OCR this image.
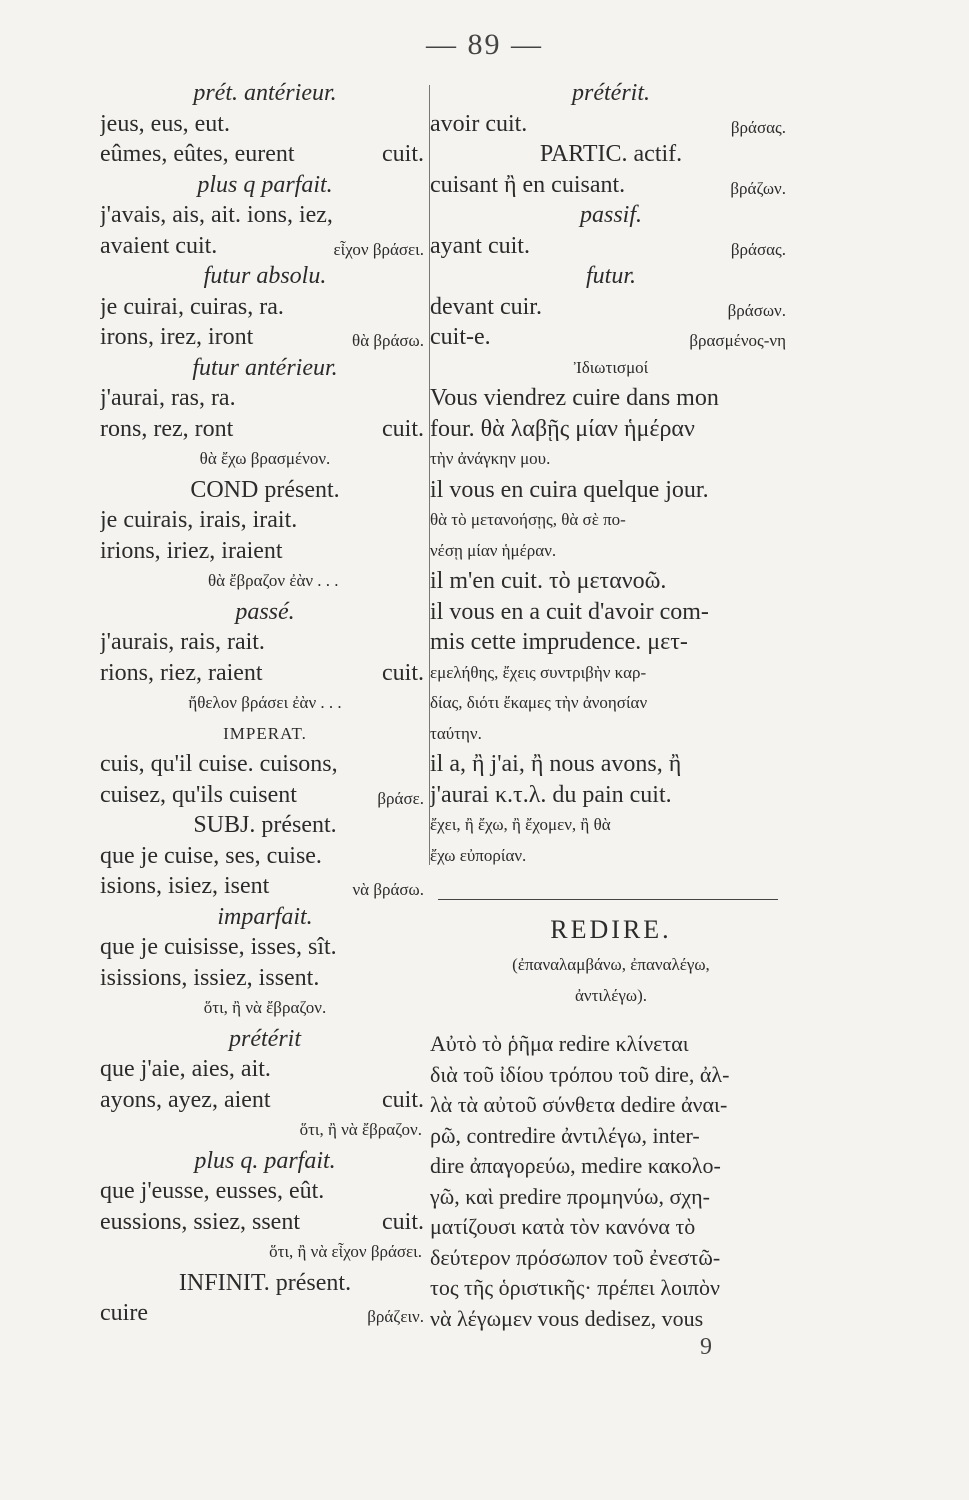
— 89 —
prét. antérieur.
jeus, eus, eut.
eûmes, eûtes, eurent	cuit.
plus q parfait.
j'avais, ais, ait. ions, iez,
avaient cuit.	εἶχον βράσει.
futur absolu.
je cuirai, cuiras, ra.
irons, irez, iront	θὰ βράσω.
futur antérieur.
j'aurai, ras, ra.
rons, rez, ront	cuit.
θὰ ἔχω βρασμένον.
COND présent.
je cuirais, irais, irait.
irions, iriez, iraient
θὰ ἔβραζον ἐὰν . . .
passé.
j'aurais, rais, rait.
rions, riez, raient	cuit.
ἤθελον βράσει ἐὰν . . .
IMPERAT.
cuis, qu'il cuise. cuisons,
cuisez, qu'ils cuisent	βράσε.
SUBJ. présent.
que je cuise, ses, cuise.
isions, isiez, isent	νὰ βράσω.
imparfait.
que je cuisisse, isses, sît.
isissions, issiez, issent.
ὅτι, ἢ νὰ ἔβραζον.
prétérit
que j'aie, aies, ait.
ayons, ayez, aient	cuit.
ὅτι, ἢ νὰ ἔβραζον.
plus q. parfait.
que j'eusse, eusses, eût.
eussions, ssiez, ssent	cuit.
ὅτι, ἢ νὰ εἶχον βράσει.
INFINIT. présent.
cuire	βράζειν.
prétérit.
avoir cuit.	βράσας.
PARTIC. actif.
cuisant ἢ en cuisant.	βράζων.
passif.
ayant cuit.	βράσας.
futur.
devant cuir.	βράσων.
cuit-e.	βρασμένος-νη
Ἰδιωτισμοί
Vous viendrez cuire dans mon
four. θὰ λαβῇς μίαν ἡμέραν
τὴν ἀνάγκην μου.
il vous en cuira quelque jour.
θὰ τὸ μετανοήσῃς, θὰ σὲ πο-
νέσῃ μίαν ἡμέραν.
il m'en cuit. τὸ μετανοῶ.
il vous en a cuit d'avoir com-
mis cette imprudence. μετ-
εμελήθης, ἔχεις συντριβὴν καρ-
δίας, διότι ἔκαμες τὴν ἀνοησίαν
ταύτην.
il a, ἢ j'ai, ἢ nous avons, ἢ
j'aurai κ.τ.λ. du pain cuit.
ἔχει, ἢ ἔχω, ἢ ἔχομεν, ἢ θὰ
ἔχω εὐπορίαν.
REDIRE.
(ἐπαναλαμβάνω, ἐπαναλέγω,
ἀντιλέγω).
Αὐτὸ τὸ ῥῆμα redire κλίνεται
διὰ τοῦ ἰδίου τρόπου τοῦ dire, ἀλ-
λὰ τὰ αὐτοῦ σύνθετα dedire ἀναι-
ρῶ, contredire ἀντιλέγω, inter-
dire ἀπαγορεύω, medire κακολο-
γῶ, καὶ predire προμηνύω, σχη-
ματίζουσι κατὰ τὸν κανόνα τὸ
δεύτερον πρόσωπον τοῦ ἐνεστῶ-
τος τῆς ὁριστικῆς· πρέπει λοιπὸν
νὰ λέγωμεν vous dedisez, vous
9
